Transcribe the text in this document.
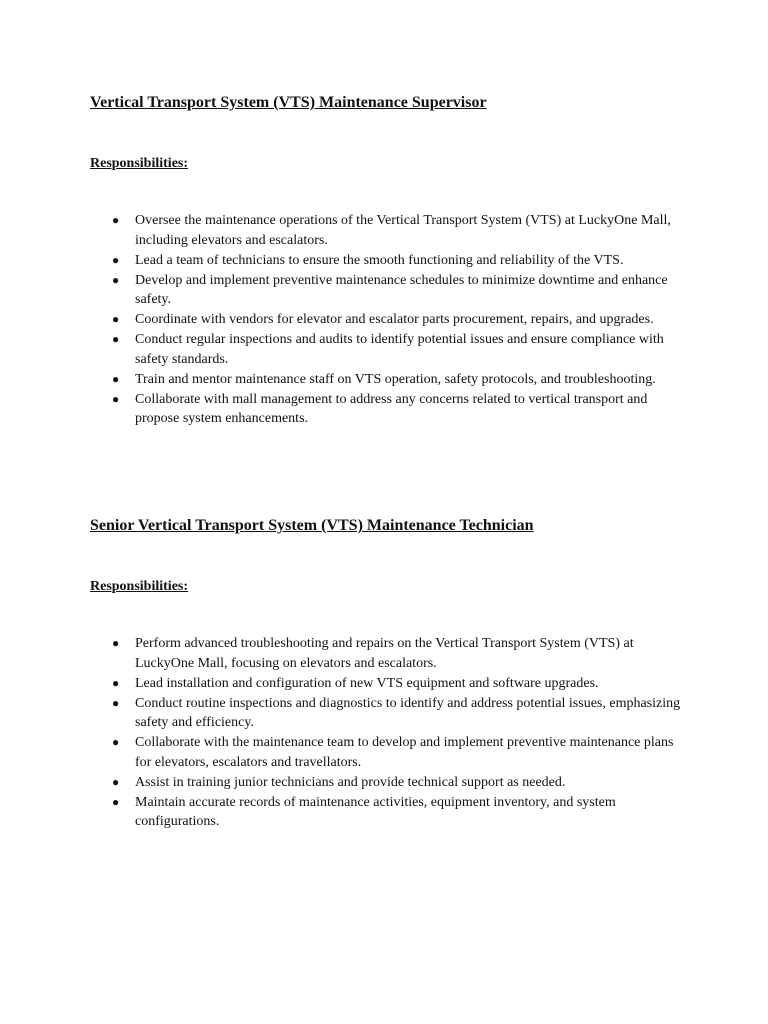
Vertical Transport System (VTS) Maintenance Supervisor
Responsibilities:
● Oversee the maintenance operations of the Vertical Transport System (VTS) at LuckyOne Mall, including elevators and escalators.
● Lead a team of technicians to ensure the smooth functioning and reliability of the VTS.
● Develop and implement preventive maintenance schedules to minimize downtime and enhance safety.
● Coordinate with vendors for elevator and escalator parts procurement, repairs, and upgrades.
● Conduct regular inspections and audits to identify potential issues and ensure compliance with safety standards.
● Train and mentor maintenance staff on VTS operation, safety protocols, and troubleshooting.
● Collaborate with mall management to address any concerns related to vertical transport and propose system enhancements.
Senior Vertical Transport System (VTS) Maintenance Technician
Responsibilities:
● Perform advanced troubleshooting and repairs on the Vertical Transport System (VTS) at LuckyOne Mall, focusing on elevators and escalators.
● Lead installation and configuration of new VTS equipment and software upgrades.
● Conduct routine inspections and diagnostics to identify and address potential issues, emphasizing safety and efficiency.
● Collaborate with the maintenance team to develop and implement preventive maintenance plans for elevators, escalators and travellators.
● Assist in training junior technicians and provide technical support as needed.
● Maintain accurate records of maintenance activities, equipment inventory, and system configurations.
